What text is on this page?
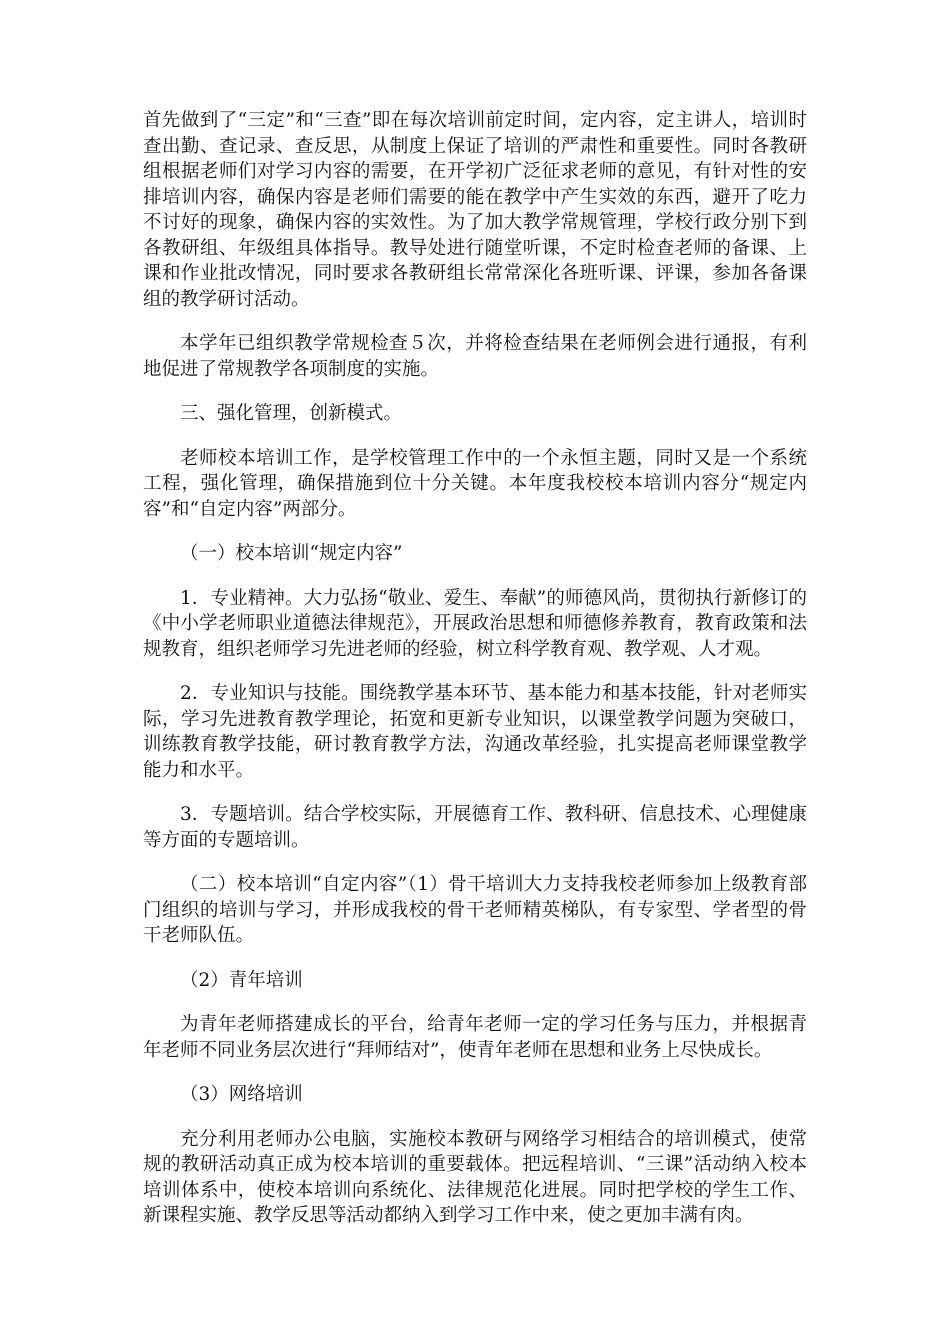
首先做到了“三定”和“三查”即在每次培训前定时间，定内容，定主讲人，培训时查出勤、查记录、查反思，从制度上保证了培训的严肃性和重要性。同时各教研组根据老师们对学习内容的需要，在开学初广泛征求老师的意见，有针对性的安排培训内容，确保内容是老师们需要的能在教学中产生实效的东西，避开了吃力不讨好的现象，确保内容的实效性。为了加大教学常规管理，学校行政分别下到各教研组、年级组具体指导。教导处进行随堂听课，不定时检查老师的备课、上课和作业批改情况，同时要求各教研组长常常深化各班听课、评课，参加各备课组的教学研讨活动。

本学年已组织教学常规检查５次，并将检查结果在老师例会进行通报，有利地促进了常规教学各项制度的实施。

三、强化管理，创新模式。

老师校本培训工作，是学校管理工作中的一个永恒主题，同时又是一个系统工程，强化管理，确保措施到位十分关键。本年度我校校本培训内容分“规定内容”和“自定内容”两部分。

（一）校本培训“规定内容”

1．专业精神。大力弘扬“敬业、爱生、奉献”的师德风尚，贯彻执行新修订的《中小学老师职业道德法律规范》，开展政治思想和师德修养教育，教育政策和法规教育，组织老师学习先进老师的经验，树立科学教育观、教学观、人才观。

2．专业知识与技能。围绕教学基本环节、基本能力和基本技能，针对老师实际，学习先进教育教学理论，拓宽和更新专业知识，以课堂教学问题为突破口，训练教育教学技能，研讨教育教学方法，沟通改革经验，扎实提高老师课堂教学能力和水平。

3．专题培训。结合学校实际，开展德育工作、教科研、信息技术、心理健康等方面的专题培训。

（二）校本培训“自定内容”（1）骨干培训大力支持我校老师参加上级教育部门组织的培训与学习，并形成我校的骨干老师精英梯队，有专家型、学者型的骨干老师队伍。

（2）青年培训

为青年老师搭建成长的平台，给青年老师一定的学习任务与压力，并根据青年老师不同业务层次进行“拜师结对”，使青年老师在思想和业务上尽快成长。

（3）网络培训

充分利用老师办公电脑，实施校本教研与网络学习相结合的培训模式，使常规的教研活动真正成为校本培训的重要载体。把远程培训、“三课”活动纳入校本培训体系中，使校本培训向系统化、法律规范化进展。同时把学校的学生工作、新课程实施、教学反思等活动都纳入到学习工作中来，使之更加丰满有肉。
